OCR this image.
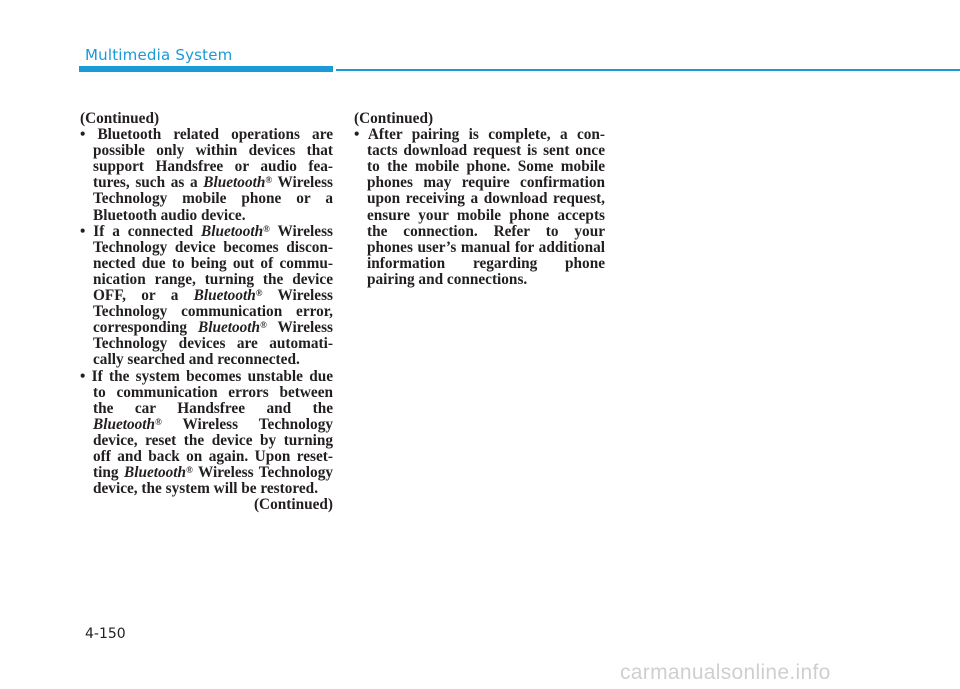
Multimedia System

(Continued)

• Bluetooth related operations are possible only within devices that support Handsfree or audio fea- tures, such as a Bluetooth® Wireless Technology mobile phone or a Bluetooth audio device.

• If a connected Bluetooth® Wireless Technology device becomes discon- nected due to being out of commu- nication range, turning the device OFF, or a Bluetooth® Wireless Technology communication error, corresponding Bluetooth® Wireless Technology devices are automati- cally searched and reconnected.

• If the system becomes unstable due to communication errors between the car Handsfree and the Bluetooth® Wireless Technology device, reset the device by turning off and back on again. Upon reset- ting Bluetooth® Wireless Technology device, the system will be restored.

(Continued)

(Continued)

• After pairing is complete, a con- tacts download request is sent once to the mobile phone. Some mobile phones may require confirmation upon receiving a download request, ensure your mobile phone accepts the connection. Refer to your phones user’s manual for additional information regarding phone pairing and connections.

4-150
carmanualsonline.info
